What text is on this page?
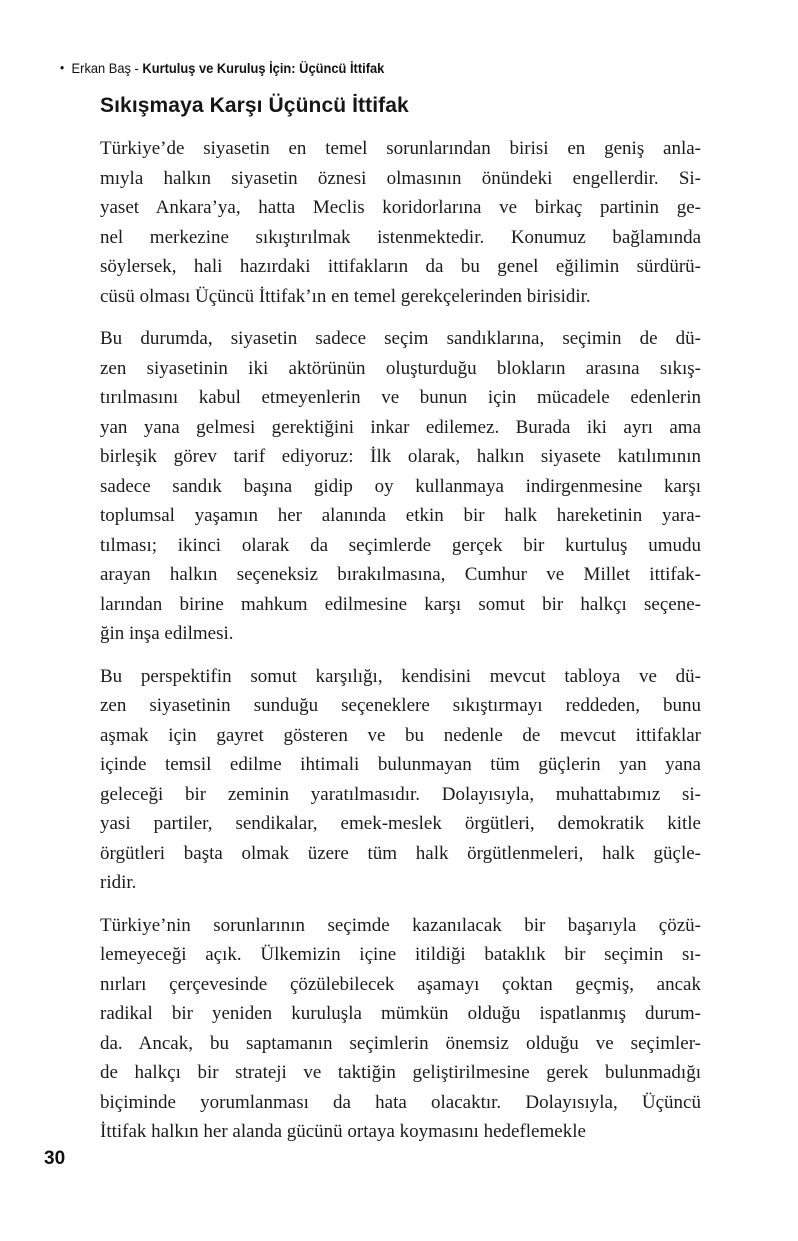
• Erkan Baş - Kurtuluş ve Kuruluş İçin: Üçüncü İttifak
Sıkışmaya Karşı Üçüncü İttifak
Türkiye’de siyasetin en temel sorunlarından birisi en geniş anla-
mıyla halkın siyasetin öznesi olmasının önündeki engellerdir. Si-
yaset Ankara’ya, hatta Meclis koridorlarına ve birkaç partinin ge-
nel merkezine sıkıştırılmak istenmektedir. Konumuz bağlamında
söylersek, hali hazırdaki ittifakların da bu genel eğilimin sürdürü-
cüsü olması Üçüncü İttifak’ın en temel gerekçelerinden birisidir.
Bu durumda, siyasetin sadece seçim sandıklarına, seçimin de dü-
zen siyasetinin iki aktörünün oluşturduğu blokların arasına sıkış-
tırılmasını kabul etmeyenlerin ve bunun için mücadele edenlerin
yan yana gelmesi gerektiğini inkar edilemez. Burada iki ayrı ama
birleşik görev tarif ediyoruz: İlk olarak, halkın siyasete katılımının
sadece sandık başına gidip oy kullanmaya indirgenmesine karşı
toplumsal yaşamın her alanında etkin bir halk hareketinin yara-
tılması; ikinci olarak da seçimlerde gerçek bir kurtuluş umudu
arayan halkın seçeneksiz bırakılmasına, Cumhur ve Millet ittifak-
larından birine mahkum edilmesine karşı somut bir halkçı seçene-
ğin inşa edilmesi.
Bu perspektifin somut karşılığı, kendisini mevcut tabloya ve dü-
zen siyasetinin sunduğu seçeneklere sıkıştırmayı reddeden, bunu
aşmak için gayret gösteren ve bu nedenle de mevcut ittifaklar
içinde temsil edilme ihtimali bulunmayan tüm güçlerin yan yana
geleceği bir zeminin yaratılmasıdır. Dolayısıyla, muhattabımız si-
yasi partiler, sendikalar, emek-meslek örgütleri, demokratik kitle
örgütleri başta olmak üzere tüm halk örgütlenmeleri, halk güçle-
ridir.
Türkiye’nin sorunlarının seçimde kazanılacak bir başarıyla çözü-
lemeyeceği açık. Ülkemizin içine itildiği bataklık bir seçimin sı-
nırları çerçevesinde çözülebilecek aşamayı çoktan geçmiş, ancak
radikal bir yeniden kuruluşla mümkün olduğu ispatlanmış durum-
da. Ancak, bu saptamanın seçimlerin önemsiz olduğu ve seçimler-
de halkçı bir strateji ve taktiğin geliştirilmesine gerek bulunmadığı
biçiminde yorumlanması da hata olacaktır. Dolayısıyla, Üçüncü
İttifak halkın her alanda gücünü ortaya koymasını hedeflemekle
30
